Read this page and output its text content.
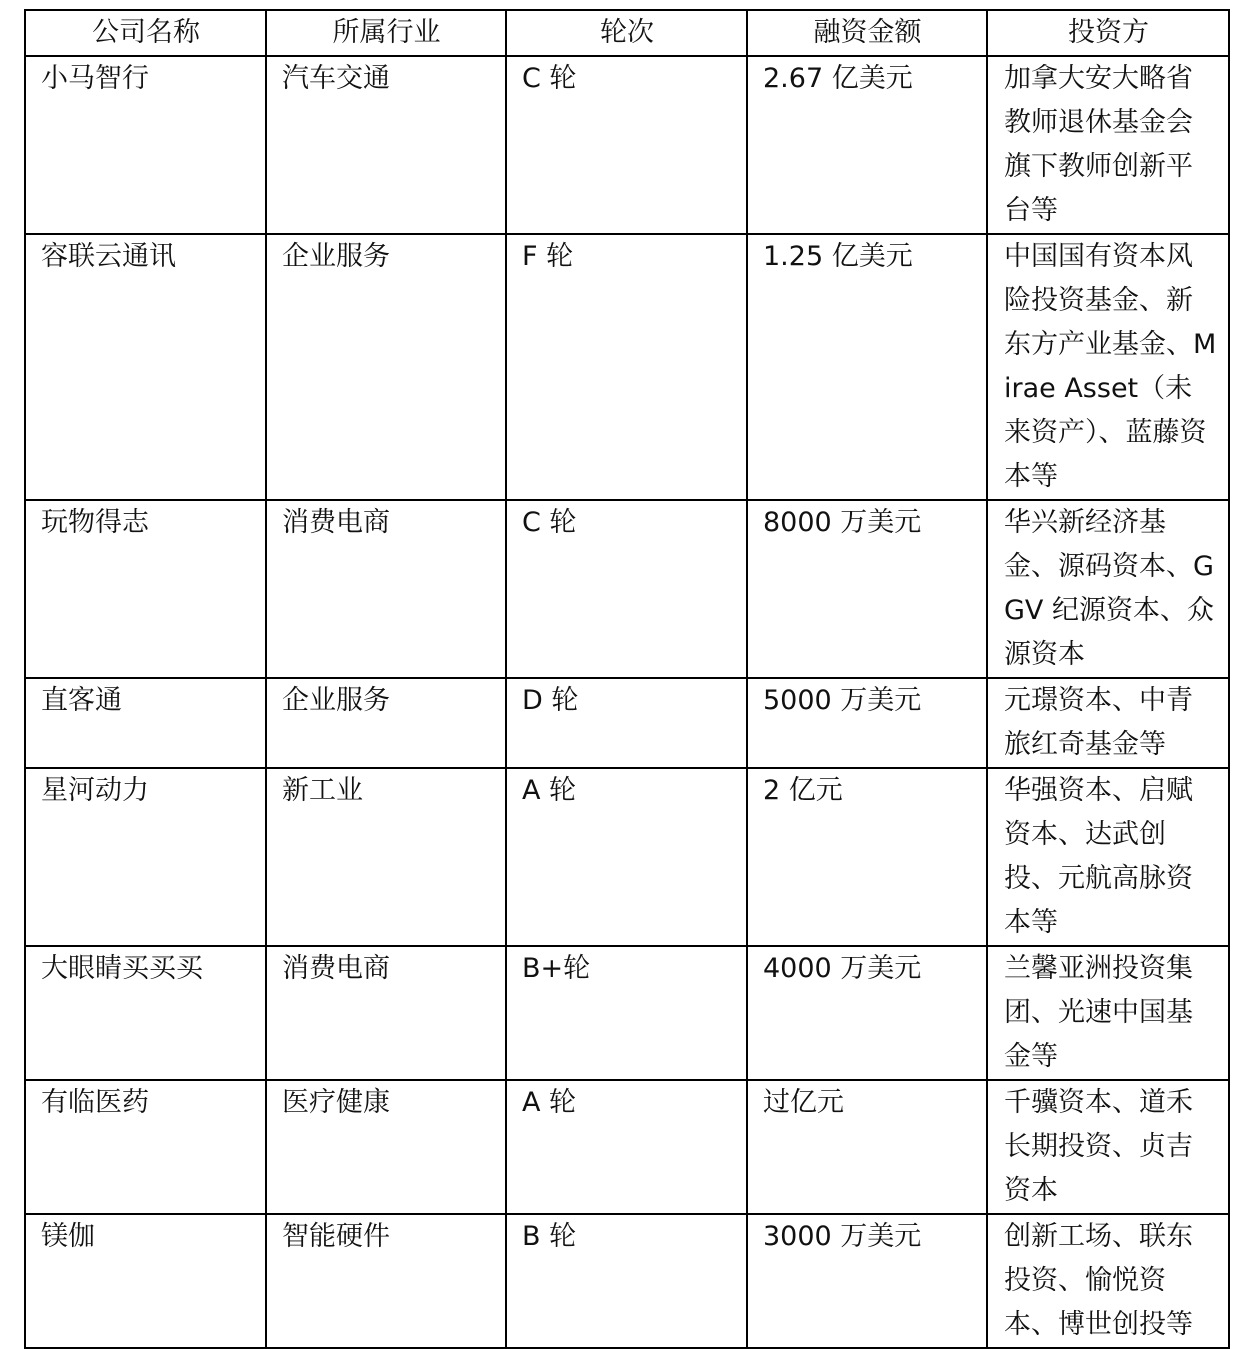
公司名称	所属行业	轮次	融资金额	投资方
小马智行	汽车交通	C 轮	2.67 亿美元	加拿大安大略省教师退休基金会旗下教师创新平台等
容联云通讯	企业服务	F 轮	1.25 亿美元	中国国有资本风险投资基金、新东方产业基金、Mirae Asset（未来资产）、蓝藤资本等
玩物得志	消费电商	C 轮	8000 万美元	华兴新经济基金、源码资本、GGV 纪源资本、众源资本
直客通	企业服务	D 轮	5000 万美元	元璟资本、中青旅红奇基金等
星河动力	新工业	A 轮	2 亿元	华强资本、启赋资本、达武创投、元航高脉资本等
大眼睛买买买	消费电商	B+轮	4000 万美元	兰馨亚洲投资集团、光速中国基金等
有临医药	医疗健康	A 轮	过亿元	千骥资本、道禾长期投资、贞吉资本
镁伽	智能硬件	B 轮	3000 万美元	创新工场、联东投资、愉悦资本、博世创投等
